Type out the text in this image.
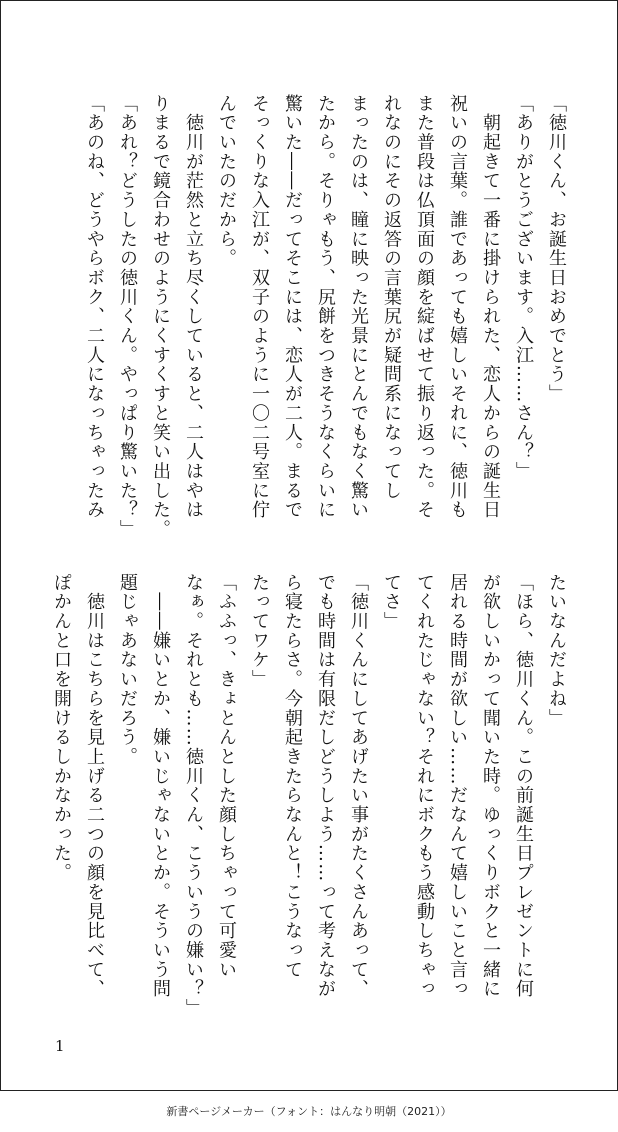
「徳川くん、お誕生日おめでとう」
「ありがとうございます。入江……さん？」
　朝起きて一番に掛けられた、恋人からの誕生日
祝いの言葉。誰であっても嬉しいそれに、徳川も
また普段は仏頂面の顔を綻ばせて振り返った。そ
れなのにその返答の言葉尻が疑問系になってし
まったのは、瞳に映った光景にとんでもなく驚い
たから。そりゃもう、尻餅をつきそうなくらいに
驚いた――だってそこには、恋人が二人。まるで
そっくりな入江が、双子のように一〇二号室に佇
んでいたのだから。
　徳川が茫然と立ち尽くしていると、二人はやは
りまるで鏡合わせのようにくすくすと笑い出した。
「あれ？どうしたの徳川くん。やっぱり驚いた？」
「あのね、どうやらボク、二人になっちゃったみ
たいなんだよね」
「ほら、徳川くん。この前誕生日プレゼントに何
が欲しいかって聞いた時。ゆっくりボクと一緒に
居れる時間が欲しい……だなんて嬉しいこと言っ
てくれたじゃない？それにボクもう感動しちゃっ
てさ」
「徳川くんにしてあげたい事がたくさんあって、
でも時間は有限だしどうしよう……って考えなが
ら寝たらさ。今朝起きたらなんと！こうなって
たってワケ」
「ふふっ、きょとんとした顔しちゃって可愛い
なぁ。それとも……徳川くん、こういうの嫌い？」
　――嫌いとか、嫌いじゃないとか。そういう問
題じゃあないだろう。
　徳川はこちらを見上げる二つの顔を見比べて、
ぽかんと口を開けるしかなかった。
1
新書ページメーカー（フォント：はんなり明朝（2021））
